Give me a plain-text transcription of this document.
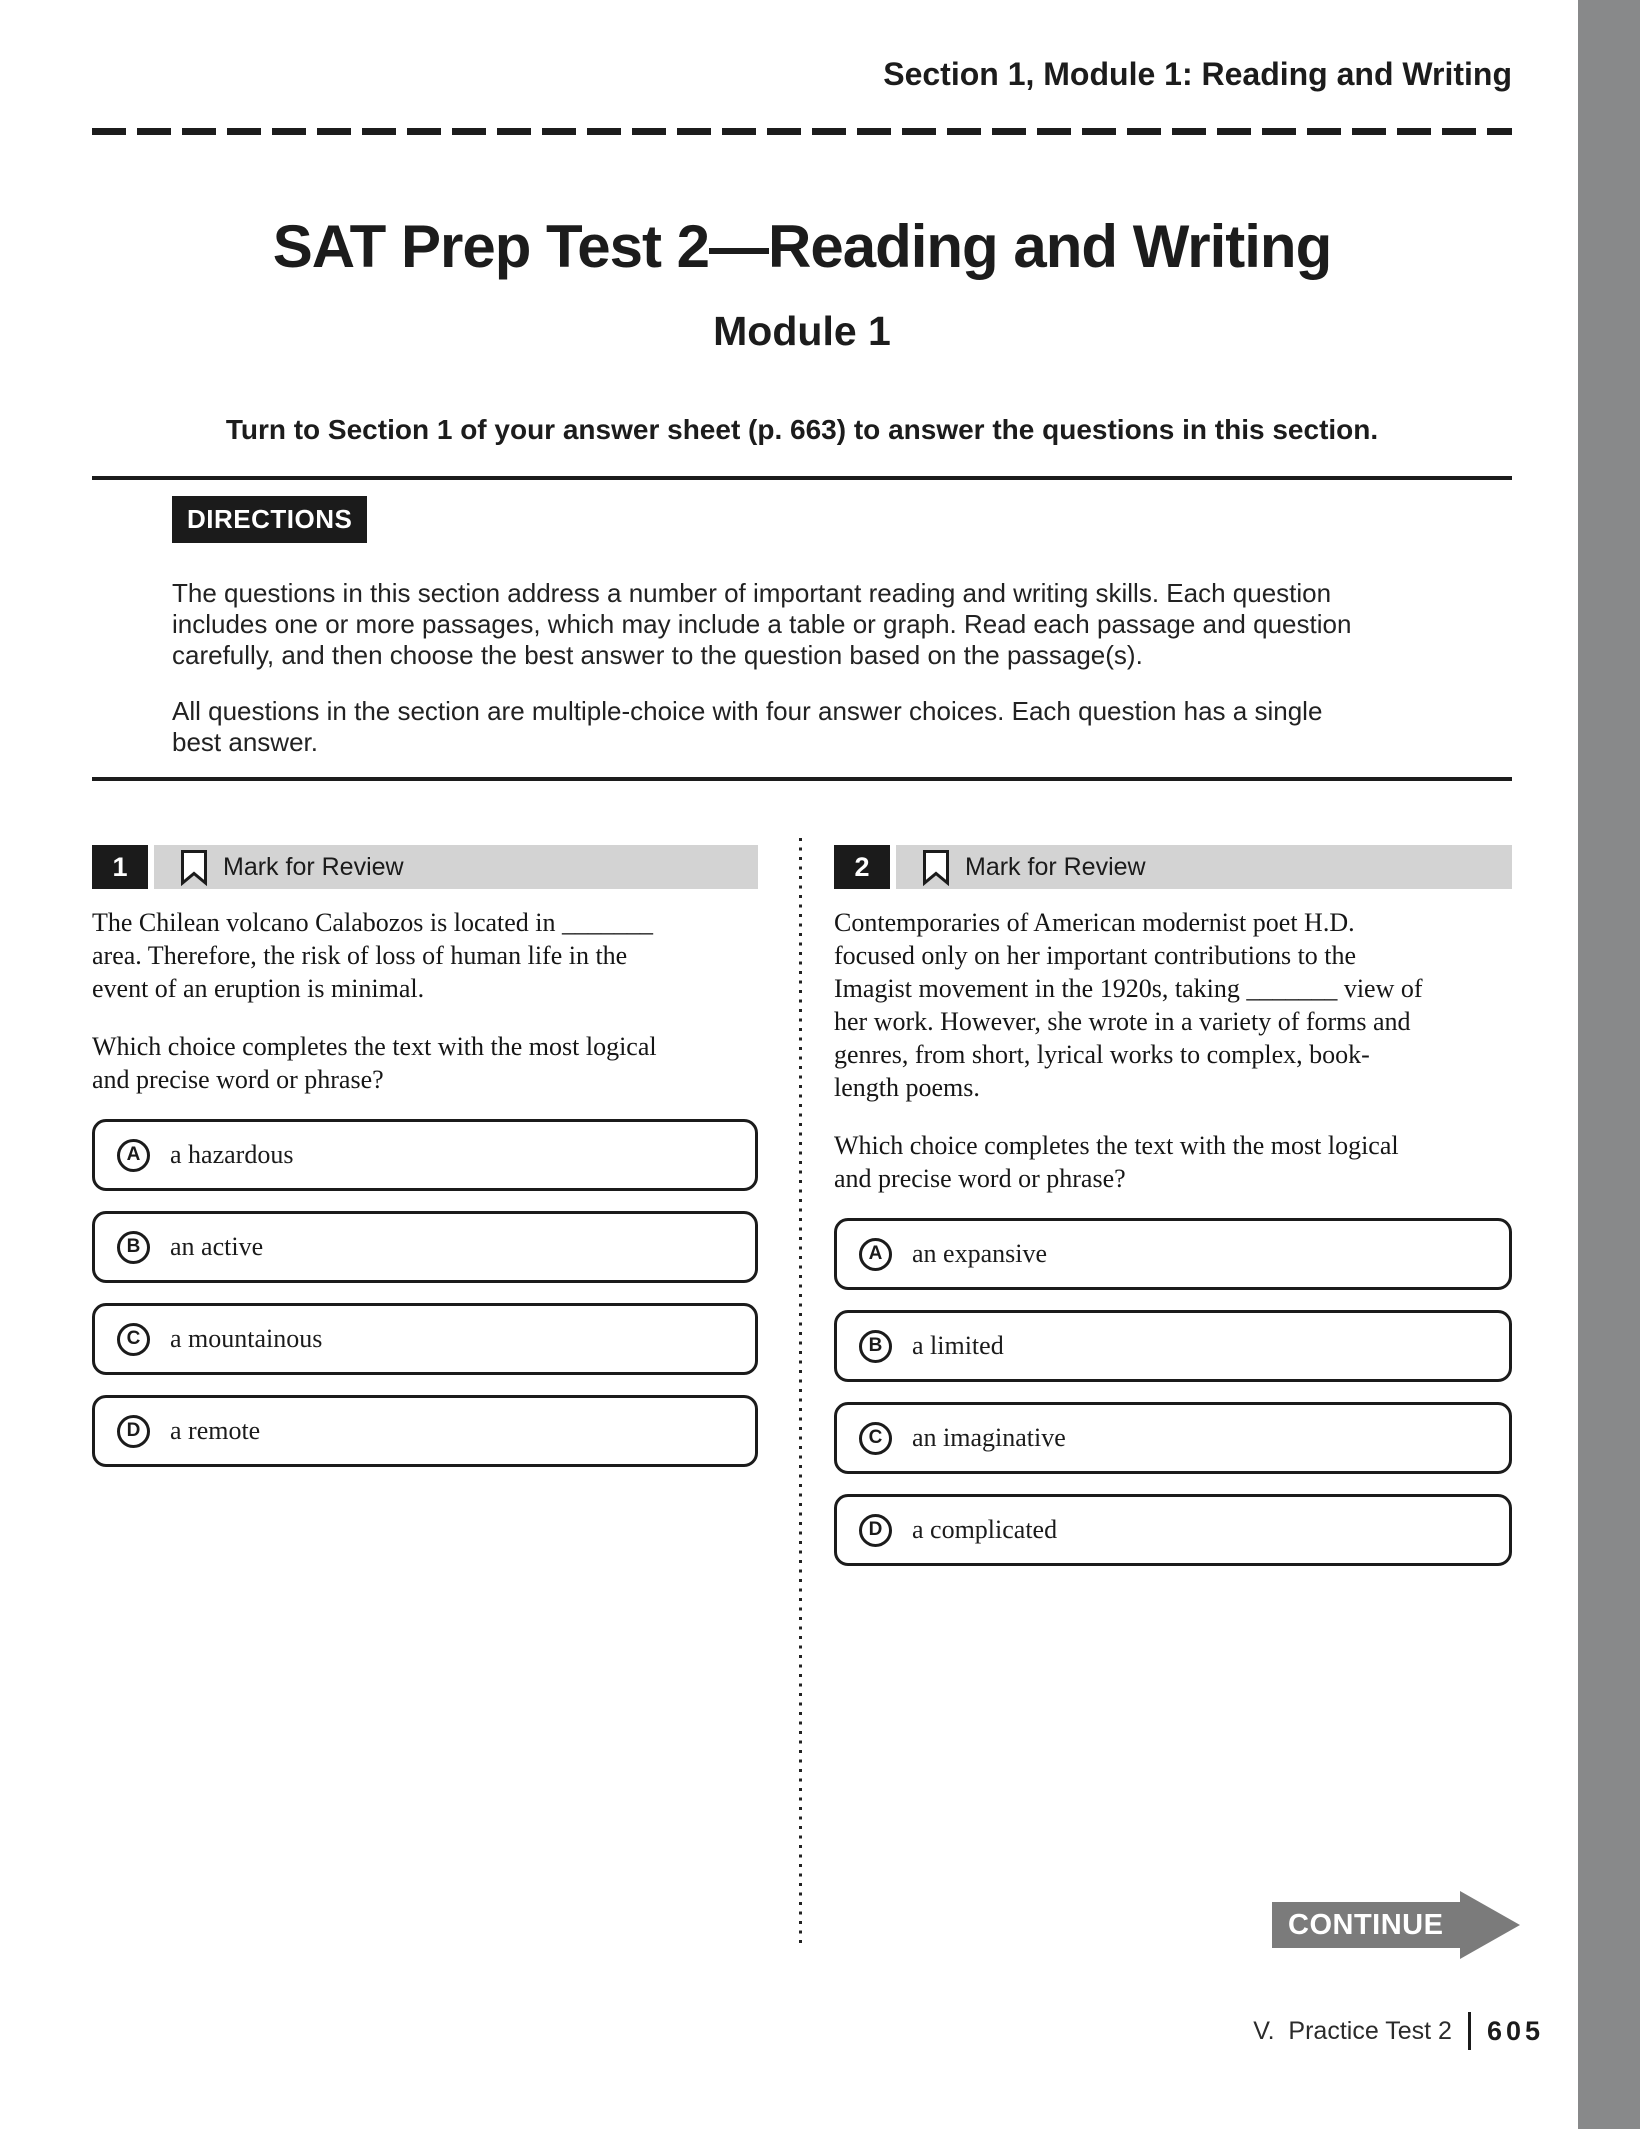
Section 1, Module 1: Reading and Writing
SAT Prep Test 2—Reading and Writing
Module 1
Turn to Section 1 of your answer sheet (p. 663) to answer the questions in this section.
DIRECTIONS
The questions in this section address a number of important reading and writing skills. Each question
includes one or more passages, which may include a table or graph. Read each passage and question
carefully, and then choose the best answer to the question based on the passage(s).
All questions in the section are multiple-choice with four answer choices. Each question has a single
best answer.
1	Mark for Review
The Chilean volcano Calabozos is located in _______
area. Therefore, the risk of loss of human life in the
event of an eruption is minimal.
Which choice completes the text with the most logical
and precise word or phrase?
A	a hazardous
B	an active
C	a mountainous
D	a remote
2	Mark for Review
Contemporaries of American modernist poet H.D.
focused only on her important contributions to the
Imagist movement in the 1920s, taking _______ view of
her work. However, she wrote in a variety of forms and
genres, from short, lyrical works to complex, book-
length poems.
Which choice completes the text with the most logical
and precise word or phrase?
A	an expansive
B	a limited
C	an imaginative
D	a complicated
CONTINUE
V.  Practice Test 2 605
